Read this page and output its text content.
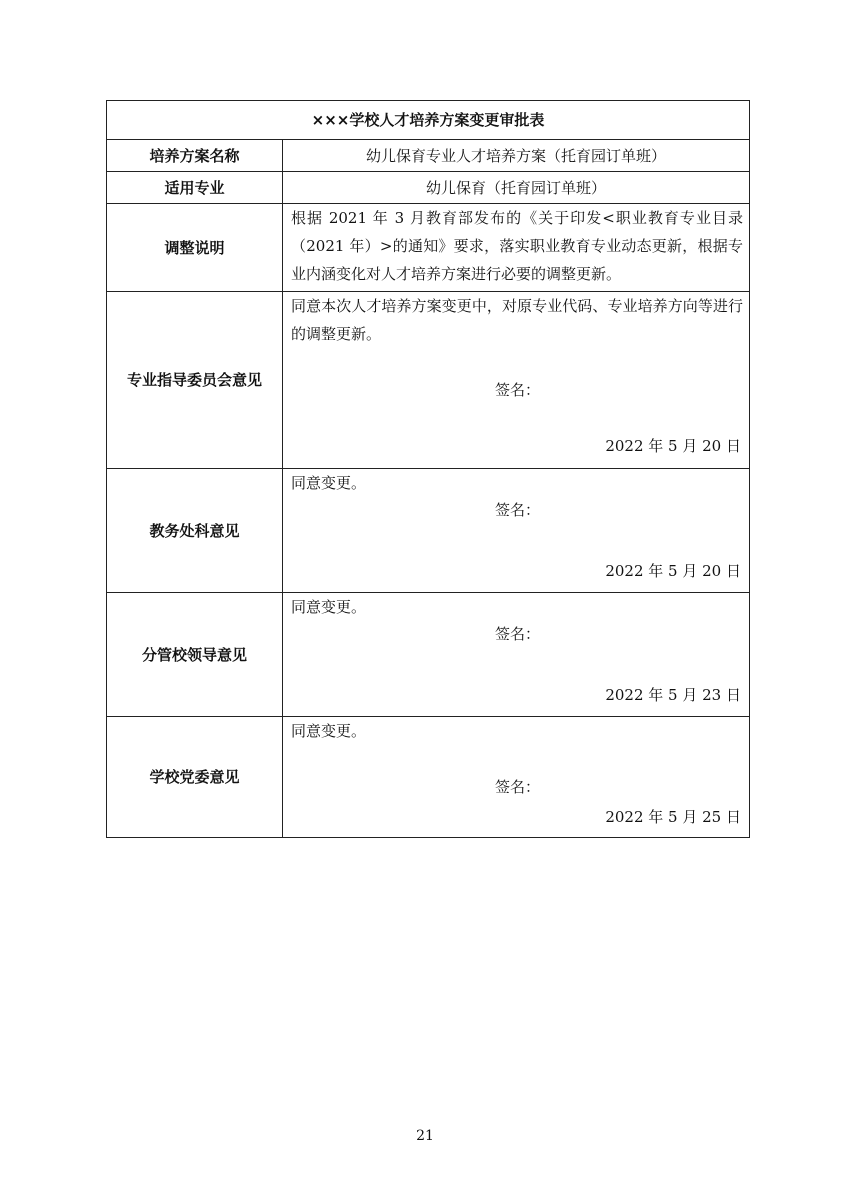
×××学校人才培养方案变更审批表	
培养方案名称	幼儿保育专业人才培养方案（托育园订单班）
适用专业	幼儿保育（托育园订单班）
调整说明	根据 2021 年 3 月教育部发布的《关于印发<职业教育专业目录（2021 年）>的通知》要求，落实职业教育专业动态更新，根据专业内涵变化对人才培养方案进行必要的调整更新。

专业指导委员会意见	同意本次人才培养方案变更中，对原专业代码、专业培养方向等进行的调整更新。
签名：
2022 年 5 月 20 日

教务处科意见	同意变更。
签名：
2022 年 5 月 20 日

分管校领导意见	同意变更。
签名：
2022 年 5 月 23 日

学校党委意见	同意变更。
签名：
2022 年 5 月 25 日
21
